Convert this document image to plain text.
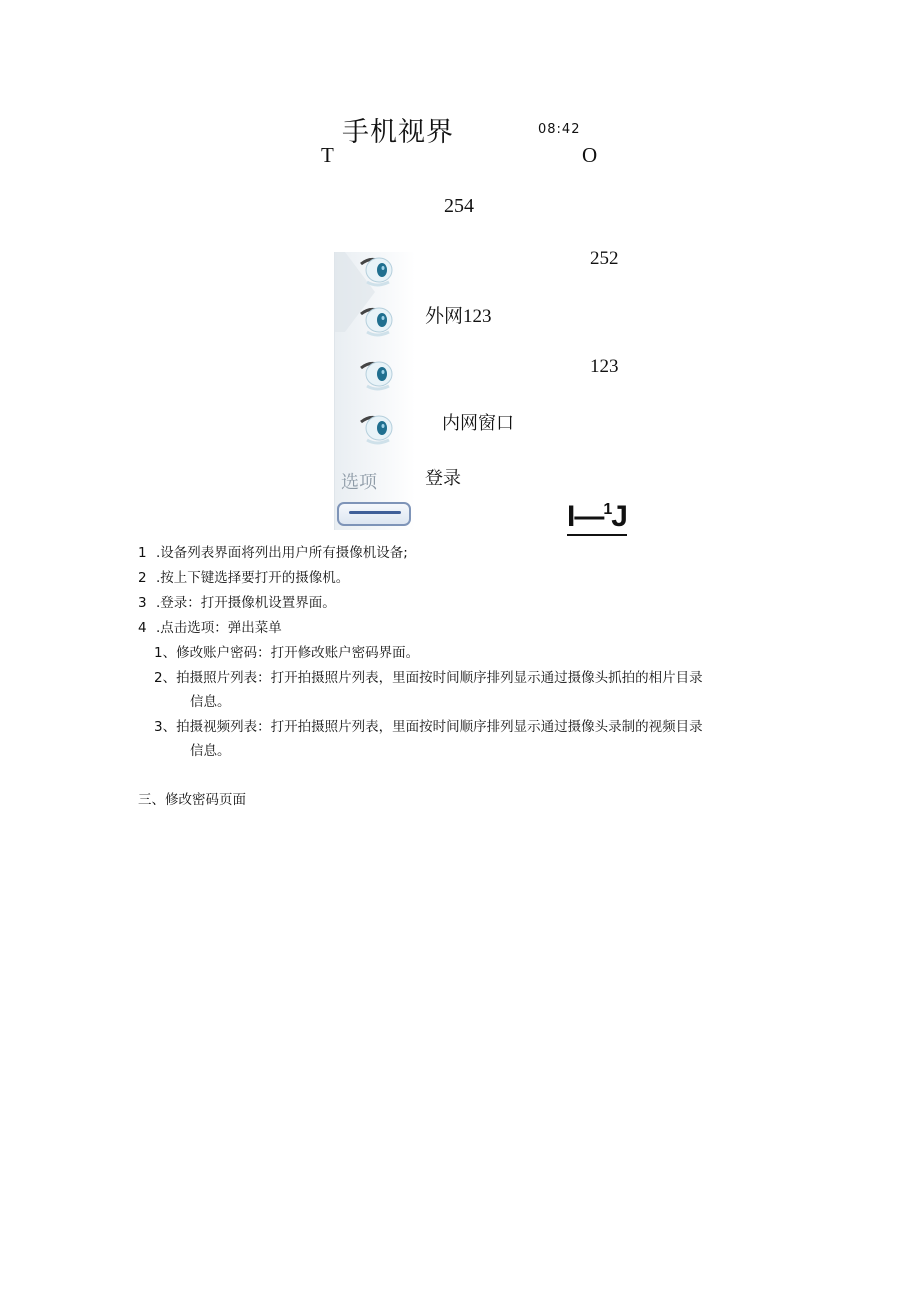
手机视界	08:42
T	O
254
选项
252
外网123
123
内网窗口
登录
I—$^1$J
1 .设备列表界面将列出用户所有摄像机设备;
2 .按上下键选择要打开的摄像机。
3 .登录：打开摄像机设置界面。
4 .点击选项：弹出菜单
1、修改账户密码：打开修改账户密码界面。
2、拍摄照片列表：打开拍摄照片列表，里面按时间顺序排列显示通过摄像头抓拍的相片目录
信息。
3、拍摄视频列表：打开拍摄照片列表，里面按时间顺序排列显示通过摄像头录制的视频目录
信息。
三、修改密码页面
